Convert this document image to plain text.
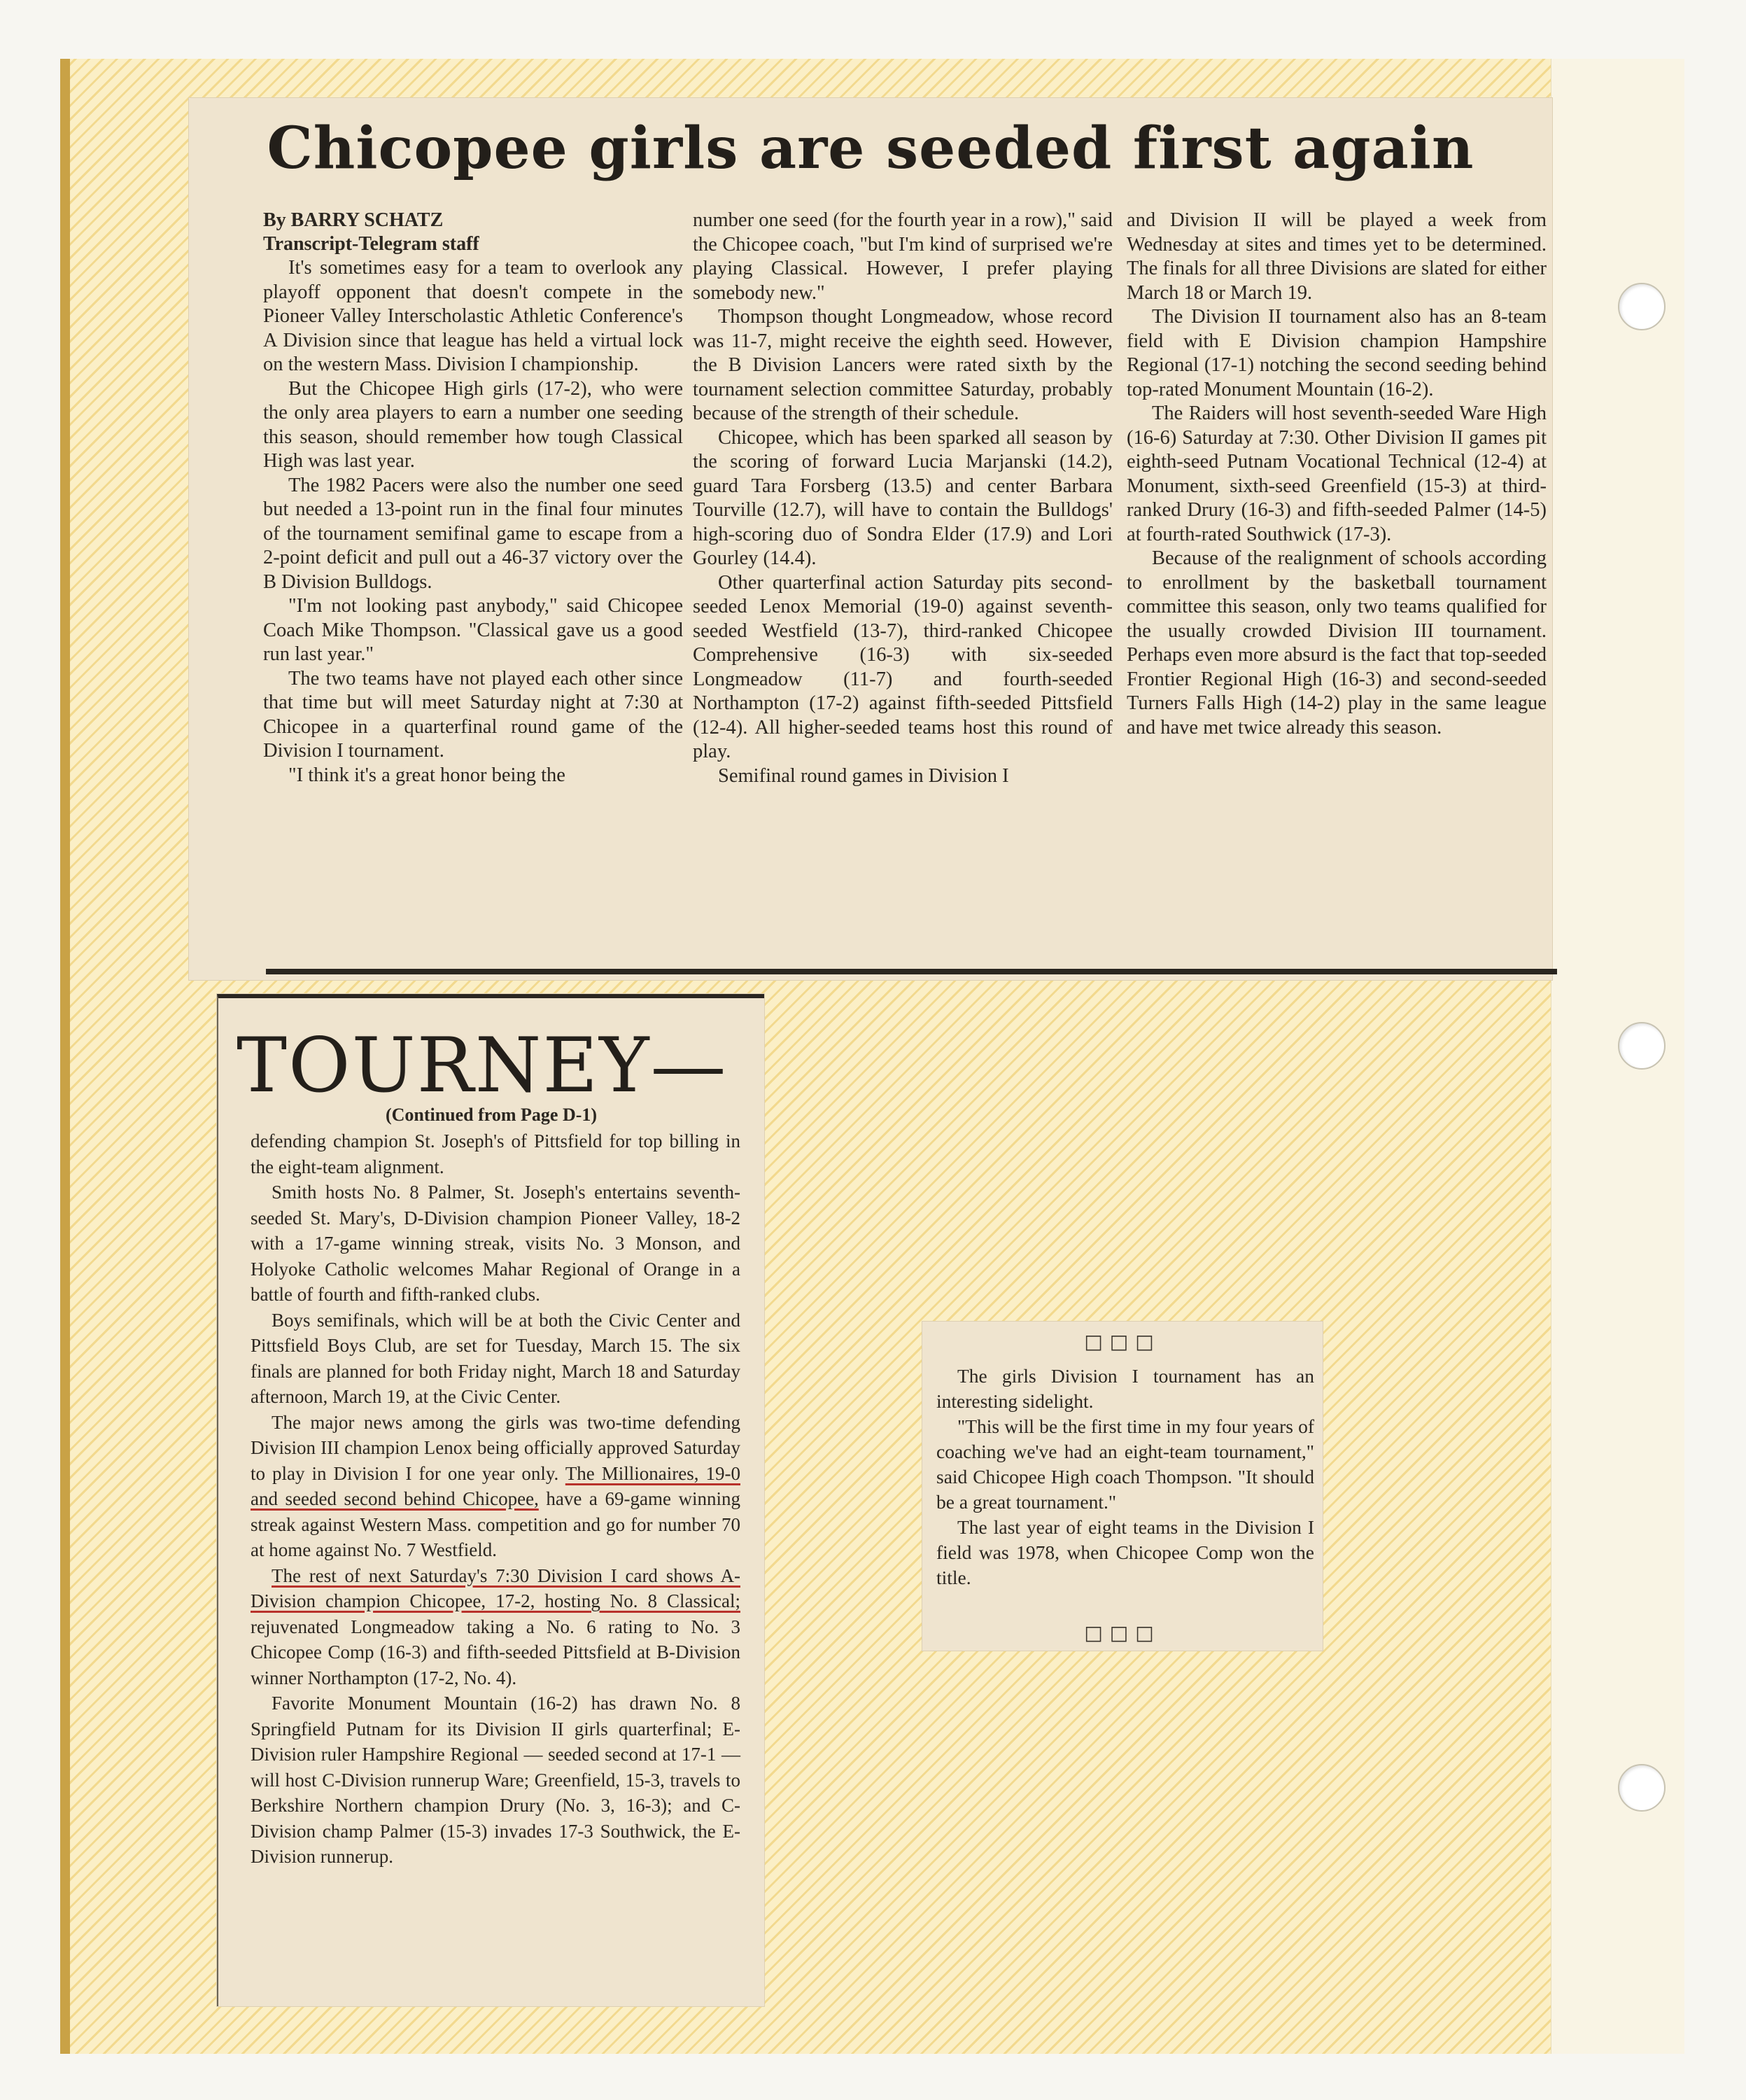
Chicopee girls are seeded first again

By BARRY SCHATZ

Transcript-Telegram staff

It's sometimes easy for a team to overlook any playoff opponent that doesn't compete in the Pioneer Valley Interscholastic Athletic Conference's A Division since that league has held a virtual lock on the western Mass. Division I championship.

But the Chicopee High girls (17-2), who were the only area players to earn a number one seeding this season, should remember how tough Classical High was last year.

The 1982 Pacers were also the number one seed but needed a 13-point run in the final four minutes of the tournament semifinal game to escape from a 2-point deficit and pull out a 46-37 victory over the B Division Bulldogs.

"I'm not looking past anybody," said Chicopee Coach Mike Thompson. "Classical gave us a good run last year."

The two teams have not played each other since that time but will meet Saturday night at 7:30 at Chicopee in a quarterfinal round game of the Division I tournament.

"I think it's a great honor being the

number one seed (for the fourth year in a row)," said the Chicopee coach, "but I'm kind of surprised we're playing Classical. However, I prefer playing somebody new."

Thompson thought Longmeadow, whose record was 11-7, might receive the eighth seed. However, the B Division Lancers were rated sixth by the tournament selection committee Saturday, probably because of the strength of their schedule.

Chicopee, which has been sparked all season by the scoring of forward Lucia Marjanski (14.2), guard Tara Forsberg (13.5) and center Barbara Tourville (12.7), will have to contain the Bulldogs' high-scoring duo of Sondra Elder (17.9) and Lori Gourley (14.4).

Other quarterfinal action Saturday pits second-seeded Lenox Memorial (19-0) against seventh-seeded Westfield (13-7), third-ranked Chicopee Comprehensive (16-3) with six-seeded Longmeadow (11-7) and fourth-seeded Northampton (17-2) against fifth-seeded Pittsfield (12-4). All higher-seeded teams host this round of play.

Semifinal round games in Division I

and Division II will be played a week from Wednesday at sites and times yet to be determined. The finals for all three Divisions are slated for either March 18 or March 19.

The Division II tournament also has an 8-team field with E Division champion Hampshire Regional (17-1) notching the second seeding behind top-rated Monument Mountain (16-2).

The Raiders will host seventh-seeded Ware High (16-6) Saturday at 7:30. Other Division II games pit eighth-seed Putnam Vocational Technical (12-4) at Monument, sixth-seed Greenfield (15-3) at third-ranked Drury (16-3) and fifth-seeded Palmer (14-5) at fourth-rated Southwick (17-3).

Because of the realignment of schools according to enrollment by the basketball tournament committee this season, only two teams qualified for the usually crowded Division III tournament. Perhaps even more absurd is the fact that top-seeded Frontier Regional High (16-3) and second-seeded Turners Falls High (14-2) play in the same league and have met twice already this season.

TOURNEY—
(Continued from Page D-1)

defending champion St. Joseph's of Pittsfield for top billing in the eight-team alignment.

Smith hosts No. 8 Palmer, St. Joseph's entertains seventh-seeded St. Mary's, D-Division champion Pioneer Valley, 18-2 with a 17-game winning streak, visits No. 3 Monson, and Holyoke Catholic welcomes Mahar Regional of Orange in a battle of fourth and fifth-ranked clubs.

Boys semifinals, which will be at both the Civic Center and Pittsfield Boys Club, are set for Tuesday, March 15. The six finals are planned for both Friday night, March 18 and Saturday afternoon, March 19, at the Civic Center.

The major news among the girls was two-time defending Division III champion Lenox being officially approved Saturday to play in Division I for one year only. The Millionaires, 19-0 and seeded second behind Chicopee, have a 69-game winning streak against Western Mass. competition and go for number 70 at home against No. 7 Westfield.

The rest of next Saturday's 7:30 Division I card shows A-Division champion Chicopee, 17-2, hosting No. 8 Classical; rejuvenated Longmeadow taking a No. 6 rating to No. 3 Chicopee Comp (16-3) and fifth-seeded Pittsfield at B-Division winner Northampton (17-2, No. 4).

Favorite Monument Mountain (16-2) has drawn No. 8 Springfield Putnam for its Division II girls quarterfinal; E-Division ruler Hampshire Regional — seeded second at 17-1 — will host C-Division runnerup Ware; Greenfield, 15-3, travels to Berkshire Northern champion Drury (No. 3, 16-3); and C-Division champ Palmer (15-3) invades 17-3 Southwick, the E-Division runnerup.

□□□

The girls Division I tournament has an interesting sidelight.

"This will be the first time in my four years of coaching we've had an eight-team tournament," said Chicopee High coach Thompson. "It should be a great tournament."

The last year of eight teams in the Division I field was 1978, when Chicopee Comp won the title.

□□□
